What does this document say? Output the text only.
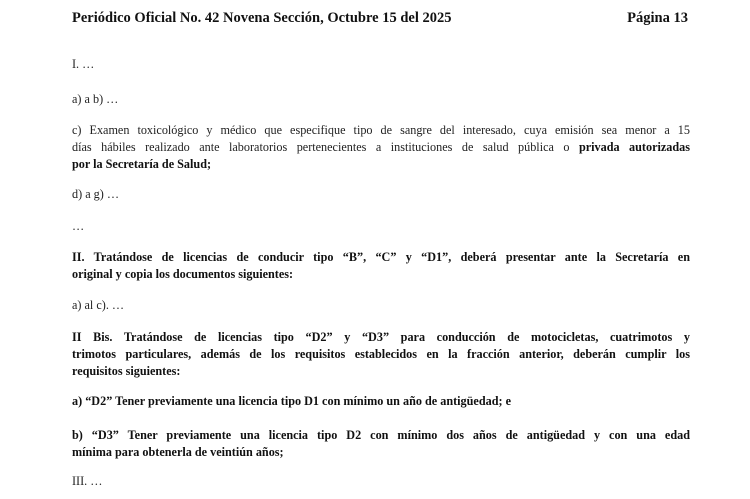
Periódico Oficial No. 42 Novena Sección, Octubre 15 del 2025	Página 13

I. …

a) a b) …

c) Examen toxicológico y médico que especifique tipo de sangre del interesado, cuya emisión sea menor a 15
días hábiles realizado ante laboratorios pertenecientes a instituciones de salud pública o privada autorizadas
por la Secretaría de Salud;

d) a g) …

…

II. Tratándose de licencias de conducir tipo “B”, “C” y “D1”, deberá presentar ante la Secretaría en
original y copia los documentos siguientes:

a) al c). …

II Bis. Tratándose de licencias tipo “D2” y “D3” para conducción de motocicletas, cuatrimotos y
trimotos particulares, además de los requisitos establecidos en la fracción anterior, deberán cumplir los
requisitos siguientes:

a) “D2” Tener previamente una licencia tipo D1 con mínimo un año de antigüedad; e

b) “D3” Tener previamente una licencia tipo D2 con mínimo dos años de antigüedad y con una edad
mínima para obtenerla de veintiún años;

III. …
